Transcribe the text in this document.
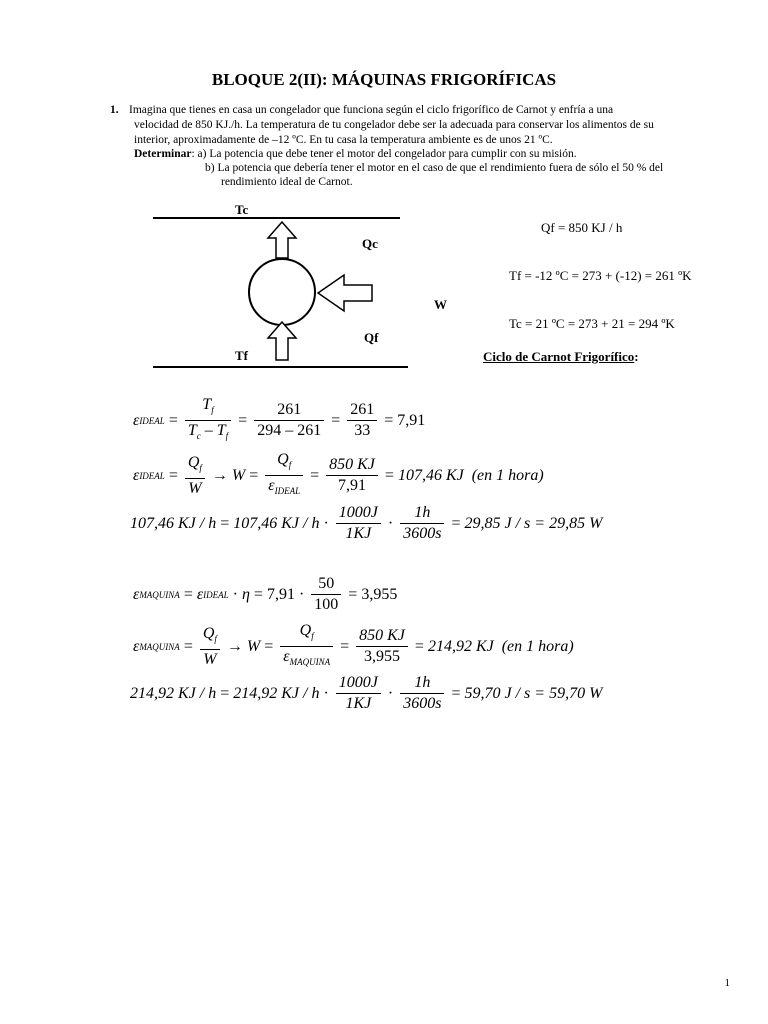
BLOQUE 2(II): MÁQUINAS FRIGORÍFICAS
1. Imagina que tienes en casa un congelador que funciona según el ciclo frigorífico de Carnot y enfría a una
velocidad de 850 KJ./h. La temperatura de tu congelador debe ser la adecuada para conservar los alimentos de su
interior, aproximadamente de –12 ºC. En tu casa la temperatura ambiente es de unos 21 ºC.
Determinar: a) La potencia que debe tener el motor del congelador para cumplir con su misión.
b) La potencia que debería tener el motor en el caso de que el rendimiento fuera de sólo el 50 % del
rendimiento ideal de Carnot.
Tc
Tf
Qc
Qf
W
Qf = 850 KJ / h
Tf = -12 ºC = 273 + (-12) = 261 ºK
Tc = 21 ºC = 273 + 21 = 294 ºK
Ciclo de Carnot Frigorífico:
ε IDEAL = $\frac{T_f}{T_c - T_f} = \frac{261}{294 - 261} = \frac{261}{33} = 7,91$
ε IDEAL = $\frac{Q_f}{W} \to W = \frac{Q_f}{\varepsilon_{IDEAL}} = \frac{850 KJ}{7,91} = 107,46$ KJ
(en 1 hora)
107,46 KJ / h = 107,46 KJ / $h \cdot \frac{1000J}{1KJ} \cdot \frac{1h}{3600s} = 29,85$ J / s = 29,85 W
ε MAQUINA = ε IDEAL · $\eta = 7,91 \cdot \frac{50}{100} = 3,955$
ε MAQUINA = $\frac{Q_f}{W} \to W = \frac{Q_f}{\varepsilon_{MAQUINA}} = \frac{850 KJ}{3,955} = 214,92$ KJ
(en 1 hora)
214,92 KJ / h = 214,92 KJ / $h \cdot \frac{1000J}{1KJ} \cdot \frac{1h}{3600s} = 59,70$ J / s = 59,70 W
1
